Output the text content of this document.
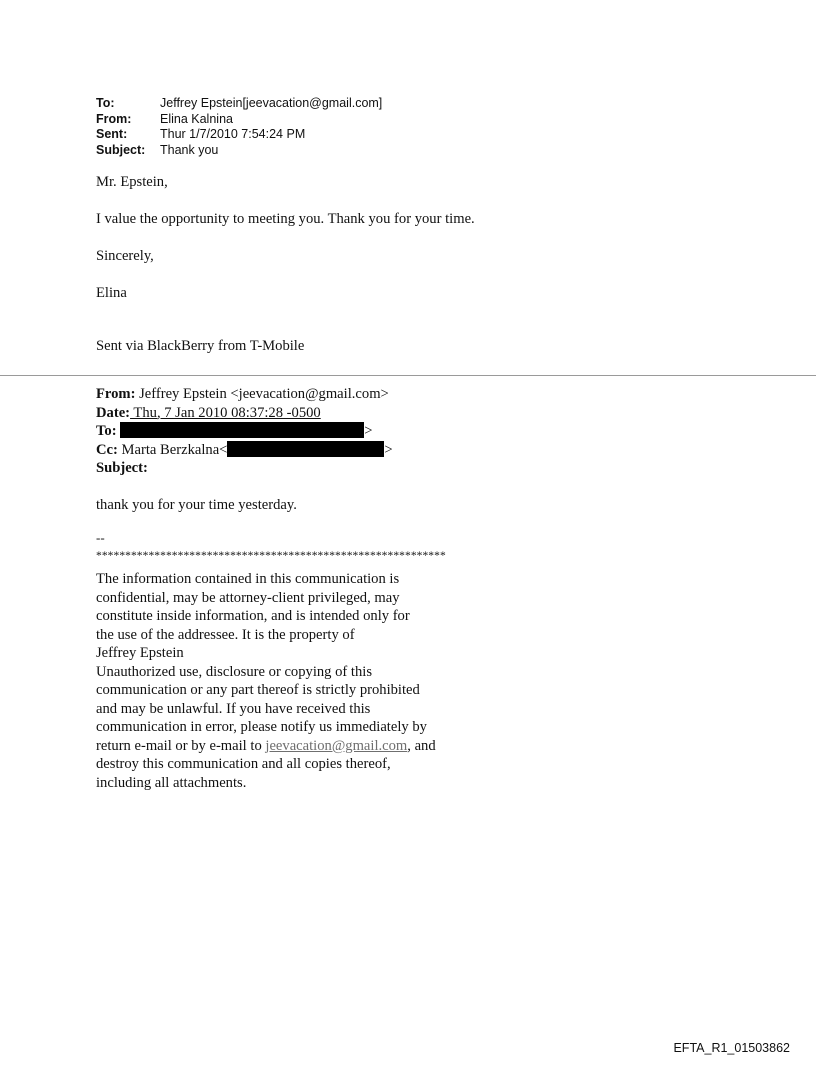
To:	Jeffrey Epstein[jeevacation@gmail.com]
From:	Elina Kalnina
Sent:	Thur 1/7/2010 7:54:24 PM
Subject:	Thank you
Mr. Epstein,
I value the opportunity to meeting you. Thank you for your time.
Sincerely,
Elina
Sent via BlackBerry from T-Mobile
From: Jeffrey Epstein <jeevacation@gmail.com>
Date: Thu, 7 Jan 2010 08:37:28 -0500
To:	>
Cc: Marta Berzkalna<	>
Subject:
thank you for your time yesterday.
--
************************************************************
The information contained in this communication is
confidential, may be attorney-client privileged, may
constitute inside information, and is intended only for
the use of the addressee. It is the property of
Jeffrey Epstein
Unauthorized use, disclosure or copying of this
communication or any part thereof is strictly prohibited
and may be unlawful. If you have received this
communication in error, please notify us immediately by
return e-mail or by e-mail to jeevacation@gmail.com, and
destroy this communication and all copies thereof,
including all attachments.
EFTA_R1_01503862
